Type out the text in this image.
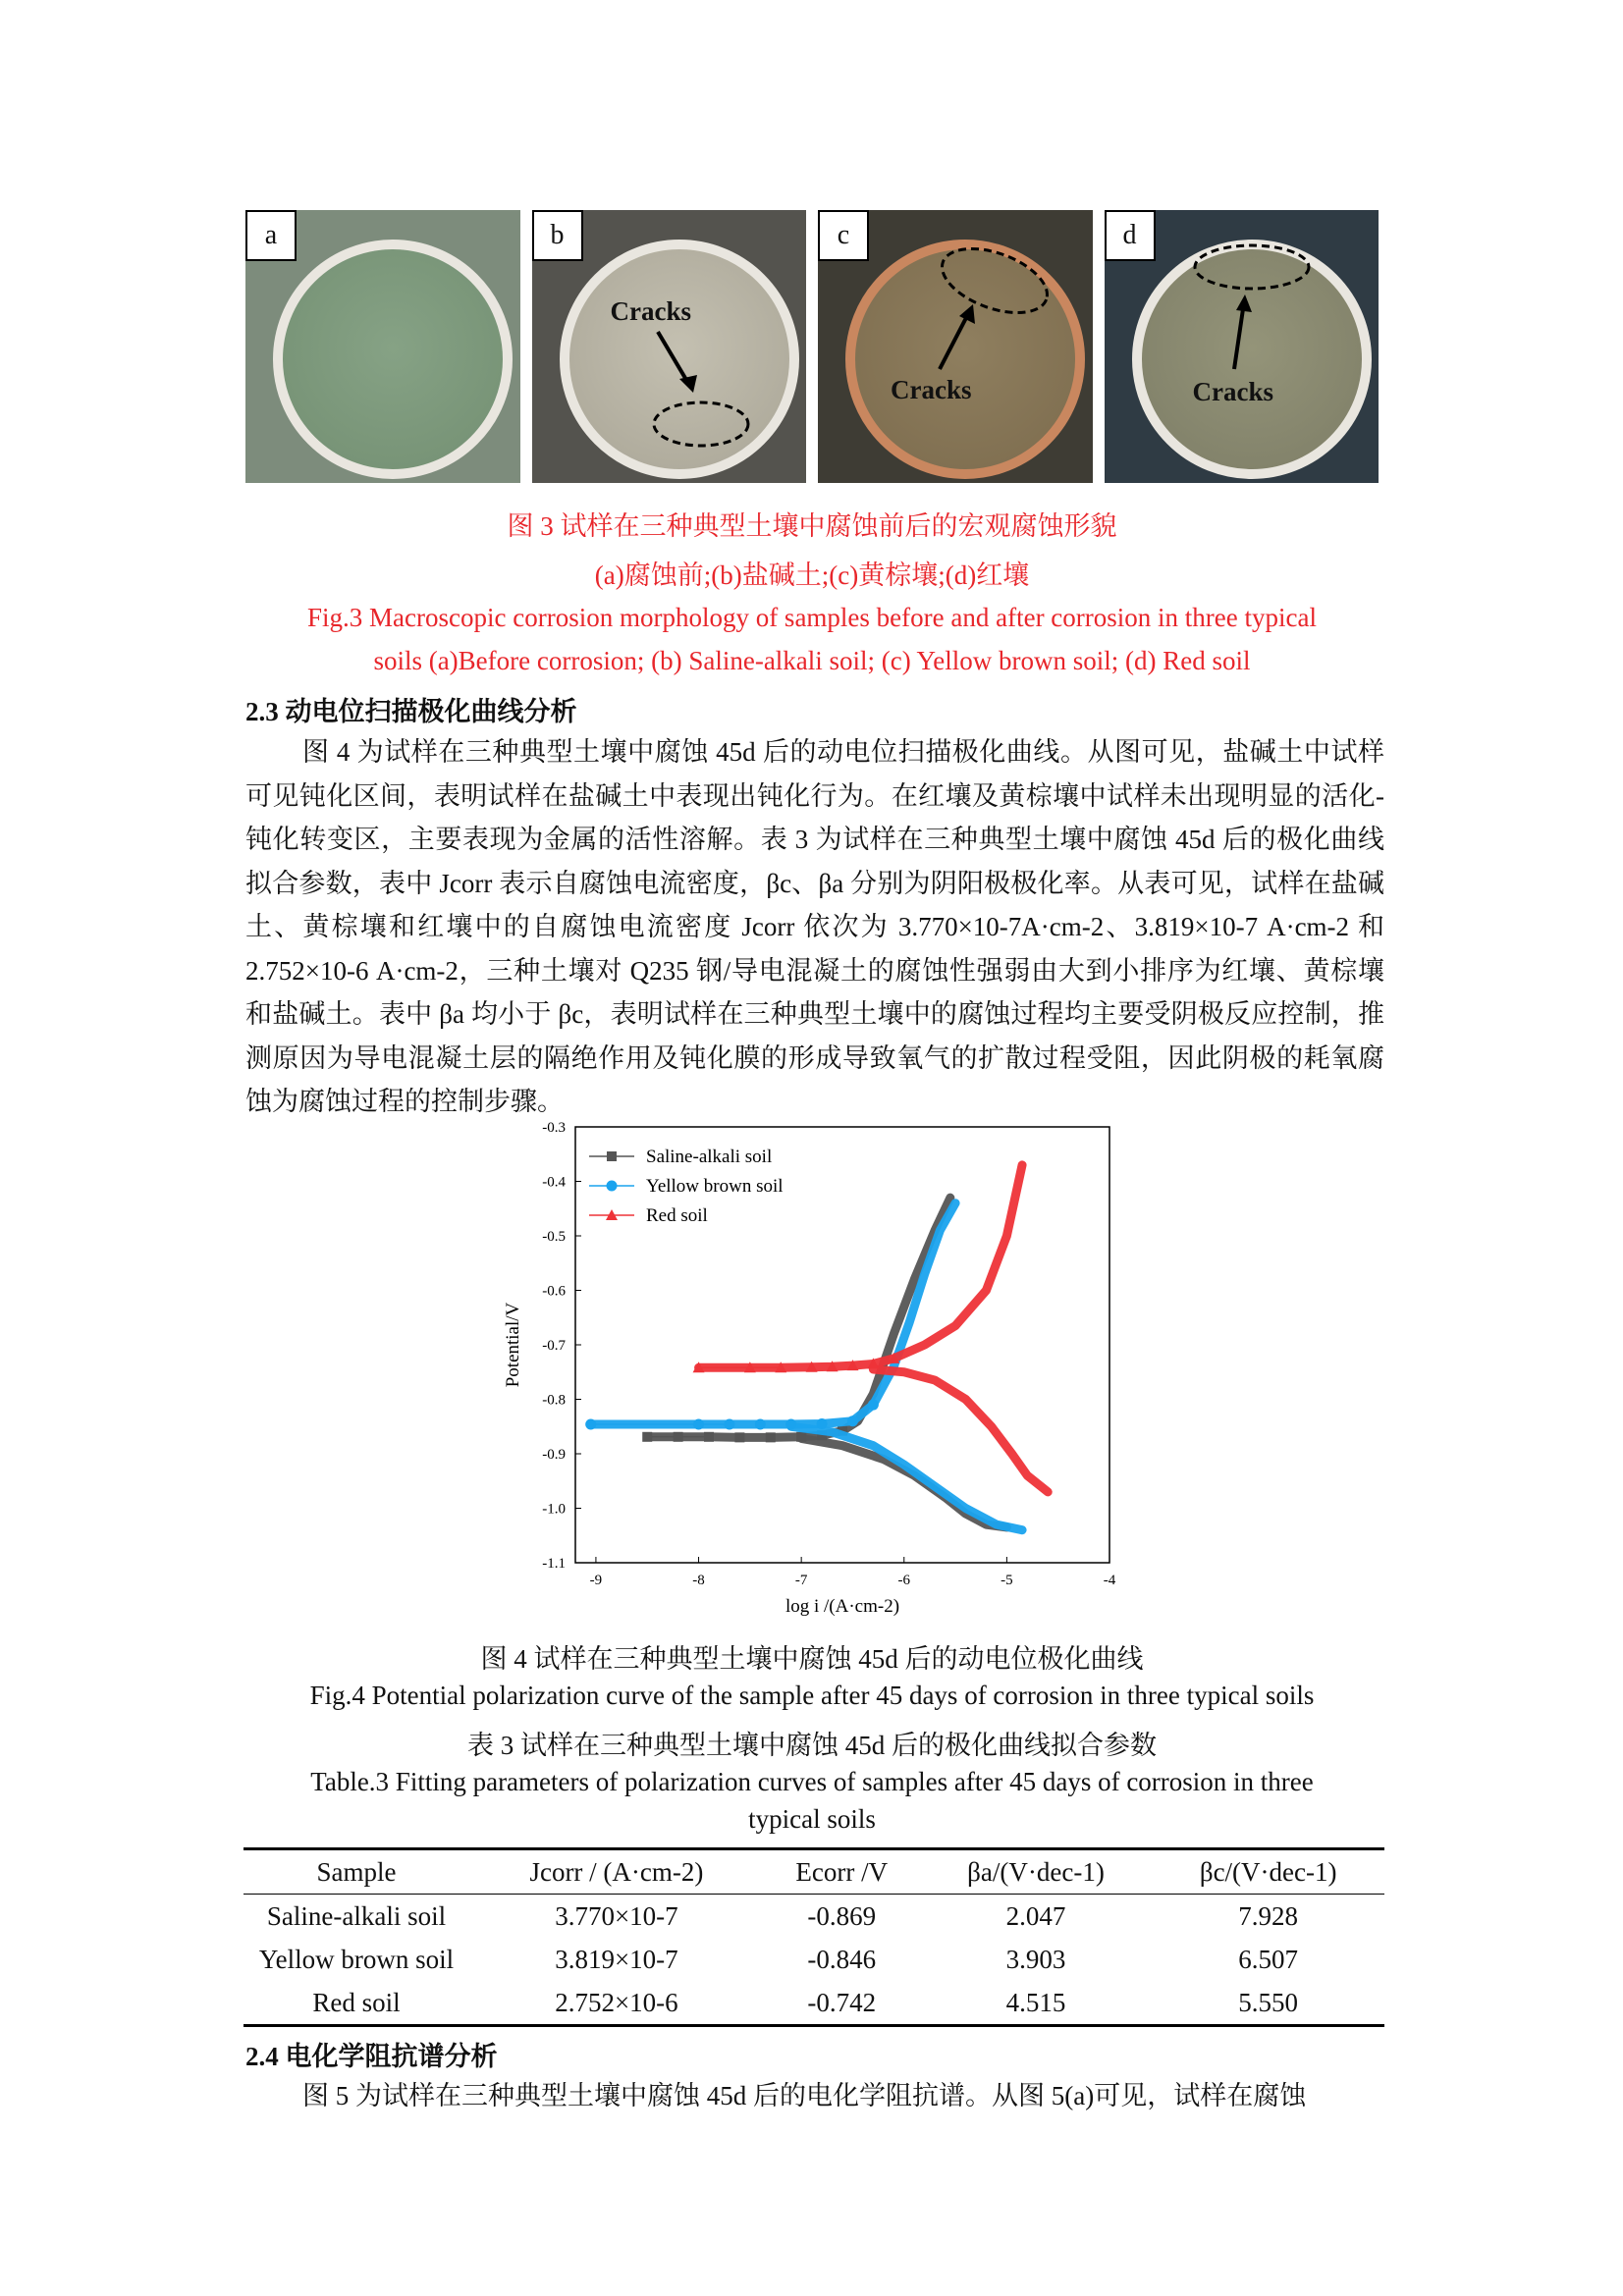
a	b
Cracks
c
Cracks
d
Cracks
图 3 试样在三种典型土壤中腐蚀前后的宏观腐蚀形貌
(a)腐蚀前;(b)盐碱土;(c)黄棕壤;(d)红壤
Fig.3 Macroscopic corrosion morphology of samples before and after corrosion in three typical
soils (a)Before corrosion; (b) Saline-alkali soil; (c) Yellow brown soil; (d) Red soil
2.3 动电位扫描极化曲线分析

图 4 为试样在三种典型土壤中腐蚀 45d 后的动电位扫描极化曲线。从图可见，盐碱土中试样可见钝化区间，表明试样在盐碱土中表现出钝化行为。在红壤及黄棕壤中试样未出现明显的活化-钝化转变区，主要表现为金属的活性溶解。表 3 为试样在三种典型土壤中腐蚀 45d 后的极化曲线拟合参数，表中 Jcorr 表示自腐蚀电流密度，βc、βa 分别为阴阳极极化率。从表可见，试样在盐碱土、黄棕壤和红壤中的自腐蚀电流密度 Jcorr 依次为 3.770×10-7A·cm-2、3.819×10-7 A·cm-2 和 2.752×10-6 A·cm-2，三种土壤对 Q235 钢/导电混凝土的腐蚀性强弱由大到小排序为红壤、黄棕壤和盐碱土。表中 βa 均小于 βc，表明试样在三种典型土壤中的腐蚀过程均主要受阴极反应控制，推测原因为导电混凝土层的隔绝作用及钝化膜的形成导致氧气的扩散过程受阻，因此阴极的耗氧腐蚀为腐蚀过程的控制步骤。

-9	-8	-7	-6	-5	-4
-0.3
-0.4
-0.5
-0.6
-0.7
-0.8
-0.9
-1.0
-1.1
log i /(A·cm-2)
Potential/V
Saline-alkali soil
Yellow brown soil
Red soil
图 4 试样在三种典型土壤中腐蚀 45d 后的动电位极化曲线
Fig.4 Potential polarization curve of the sample after 45 days of corrosion in three typical soils
表 3 试样在三种典型土壤中腐蚀 45d 后的极化曲线拟合参数
Table.3 Fitting parameters of polarization curves of samples after 45 days of corrosion in three
typical soils
Sample	Jcorr / (A·cm-2)	Ecorr /V	βa/(V·dec-1)	βc/(V·dec-1)
Saline-alkali soil	3.770×10-7	-0.869	2.047	7.928
Yellow brown soil	3.819×10-7	-0.846	3.903	6.507
Red soil	2.752×10-6	-0.742	4.515	5.550
2.4 电化学阻抗谱分析

图 5 为试样在三种典型土壤中腐蚀 45d 后的电化学阻抗谱。从图 5(a)可见，试样在腐蚀
